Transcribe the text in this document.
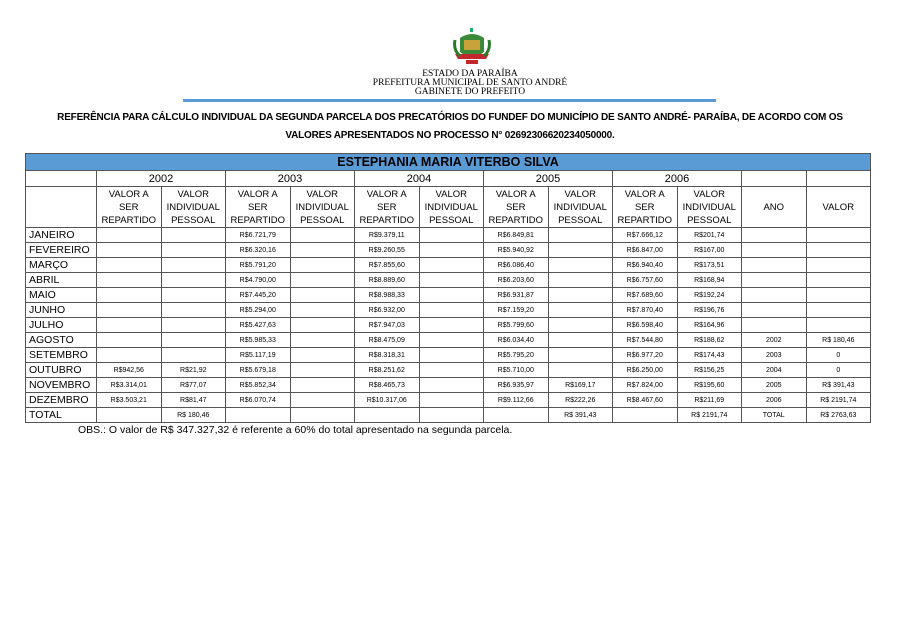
ESTADO DA PARAÍBA
PREFEITURA MUNICIPAL DE SANTO ANDRÉ
GABINETE DO PREFEITO
REFERÊNCIA PARA CÁLCULO INDIVIDUAL DA SEGUNDA PARCELA DOS PRECATÓRIOS DO FUNDEF DO MUNICÍPIO DE SANTO ANDRÉ- PARAÍBA, DE ACORDO COM OS
VALORES APRESENTADOS NO PROCESSO N° 02692306620234050000.
ESTEPHANIA MARIA VITERBO SILVA												
	2002		2003		2004		2005		2006			
	VALOR A
SER
REPARTIDO	VALOR
INDIVIDUAL
PESSOAL	VALOR A
SER
REPARTIDO	VALOR
INDIVIDUAL
PESSOAL	VALOR A
SER
REPARTIDO	VALOR
INDIVIDUAL
PESSOAL	VALOR A
SER
REPARTIDO	VALOR
INDIVIDUAL
PESSOAL	VALOR A
SER
REPARTIDO	VALOR
INDIVIDUAL
PESSOAL	ANO	VALOR
JANEIRO			R$6.721,79		R$9.379,11		R$6.849,81		R$7.666,12	R$201,74		
FEVEREIRO			R$6.320,16		R$9.260,55		R$5.940,92		R$6.847,00	R$167,00		
MARÇO			R$5.791,20		R$7.855,60		R$6.086,40		R$6.940,40	R$173,51		
ABRIL			R$4.790,00		R$8.889,60		R$6.203,60		R$6.757,60	R$168,94		
MAIO			R$7.445,20		R$8.988,33		R$6.931,87		R$7.689,60	R$192,24		
JUNHO			R$5.294,00		R$6.932,00		R$7.159,20		R$7.870,40	R$196,76		
JULHO			R$5.427,63		R$7.947,03		R$5.799,60		R$6.598,40	R$164,96		
AGOSTO			R$5.985,33		R$8.475,09		R$6.034,40		R$7.544,80	R$188,62	2002	R$ 180,46
SETEMBRO			R$5.117,19		R$8.318,31		R$5.795,20		R$6.977,20	R$174,43	2003	0
OUTUBRO	R$942,56	R$21,92	R$5.679,18		R$8.251,62		R$5.710,00		R$6.250,00	R$156,25	2004	0
NOVEMBRO	R$3.314,01	R$77,07	R$5.852,34		R$8.465,73		R$6.935,97	R$169,17	R$7.824,00	R$195,60	2005	R$ 391,43
DEZEMBRO	R$3.503,21	R$81,47	R$6.070,74		R$10.317,06		R$9.112,66	R$222,26	R$8.467,60	R$211,69	2006	R$ 2191,74
TOTAL		R$ 180,46						R$ 391,43		R$ 2191,74	TOTAL	R$ 2763,63
OBS.: O valor de R$ 347.327,32 é referente a 60% do total apresentado na segunda parcela.
